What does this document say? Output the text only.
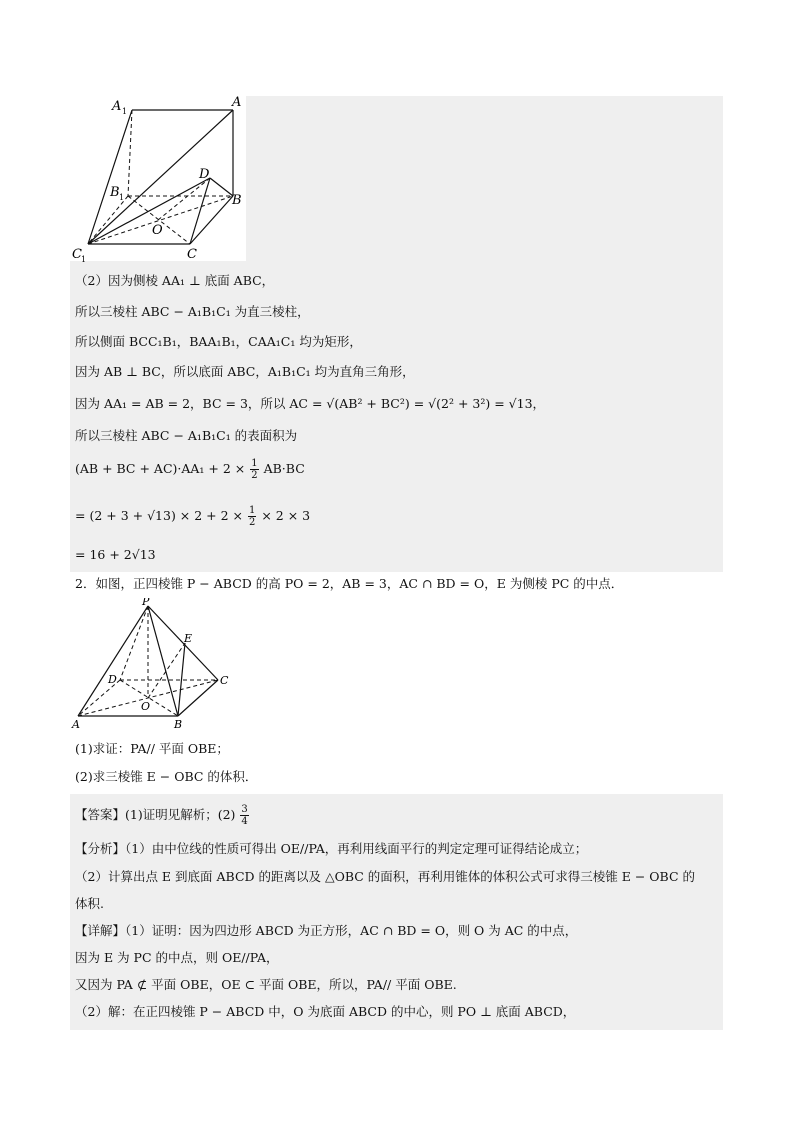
A 1
A
B 1
D
B
O
C 1	C
（2）因为侧棱 AA₁ ⊥ 底面 ABC，
所以三棱柱 ABC − A₁B₁C₁ 为直三棱柱，
所以侧面 BCC₁B₁，BAA₁B₁，CAA₁C₁ 均为矩形，
因为 AB ⊥ BC，所以底面 ABC，A₁B₁C₁ 均为直角三角形，
因为 AA₁ = AB = 2，BC = 3，所以 AC = √(AB² + BC²) = √(2² + 3²) = √13，
所以三棱柱 ABC − A₁B₁C₁ 的表面积为
(AB + BC + $AC)\cdot AA_1 + 2 \times \frac{1}{2} AB\cdot BC$
= $(2 + 3 + √13) \times 2 + 2 \times \frac{1}{2} \times 2 \times 3$
= 16 + 2√13
2．如图，正四棱锥 P − ABCD 的高 PO = 2，AB = 3，AC ∩ BD = O，E 为侧棱 PC 的中点．
P
E
D	C
O
A	B
(1)求证：PA// 平面 OBE；
(2)求三棱锥 E − OBC 的体积．
【答案】(1)证明见解析；$(2) \frac{3}{4}$
【分析】（1）由中位线的性质可得出 OE//PA，再利用线面平行的判定定理可证得结论成立；
（2）计算出点 E 到底面 ABCD 的距离以及 △OBC 的面积，再利用锥体的体积公式可求得三棱锥 E − OBC 的
体积.
【详解】（1）证明：因为四边形 ABCD 为正方形，AC ∩ BD = O，则 O 为 AC 的中点，
因为 E 为 PC 的中点，则 OE//PA，
又因为 PA ⊄ 平面 OBE，OE ⊂ 平面 OBE，所以，PA// 平面 OBE.
（2）解：在正四棱锥 P − ABCD 中，O 为底面 ABCD 的中心，则 PO ⊥ 底面 ABCD，
